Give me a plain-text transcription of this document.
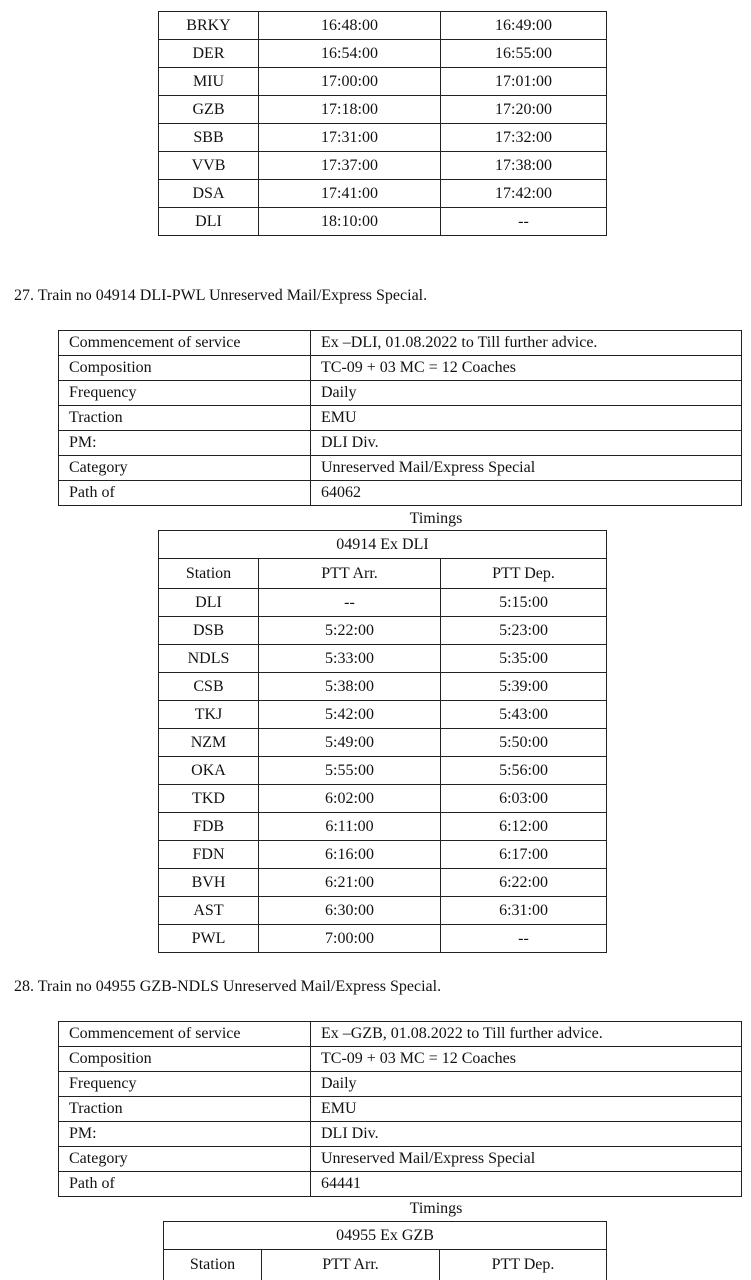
BRKY	16:48:00	16:49:00
DER	16:54:00	16:55:00
MIU	17:00:00	17:01:00
GZB	17:18:00	17:20:00
SBB	17:31:00	17:32:00
VVB	17:37:00	17:38:00
DSA	17:41:00	17:42:00
DLI	18:10:00	--
27. Train no 04914 DLI-PWL Unreserved Mail/Express Special.
Commencement of service	Ex –DLI, 01.08.2022 to Till further advice.
Composition	TC-09 + 03 MC = 12 Coaches
Frequency	Daily
Traction	EMU
PM:	DLI Div.
Category	Unreserved Mail/Express Special
Path of	64062
Timings
04914 Ex DLI		
Station	PTT Arr.	PTT Dep.
DLI	--	5:15:00
DSB	5:22:00	5:23:00
NDLS	5:33:00	5:35:00
CSB	5:38:00	5:39:00
TKJ	5:42:00	5:43:00
NZM	5:49:00	5:50:00
OKA	5:55:00	5:56:00
TKD	6:02:00	6:03:00
FDB	6:11:00	6:12:00
FDN	6:16:00	6:17:00
BVH	6:21:00	6:22:00
AST	6:30:00	6:31:00
PWL	7:00:00	--
28. Train no 04955 GZB-NDLS Unreserved Mail/Express Special.
Commencement of service	Ex –GZB, 01.08.2022 to Till further advice.
Composition	TC-09 + 03 MC = 12 Coaches
Frequency	Daily
Traction	EMU
PM:	DLI Div.
Category	Unreserved Mail/Express Special
Path of	64441
Timings
04955 Ex GZB
Station	PTT Arr.	PTT Dep.
